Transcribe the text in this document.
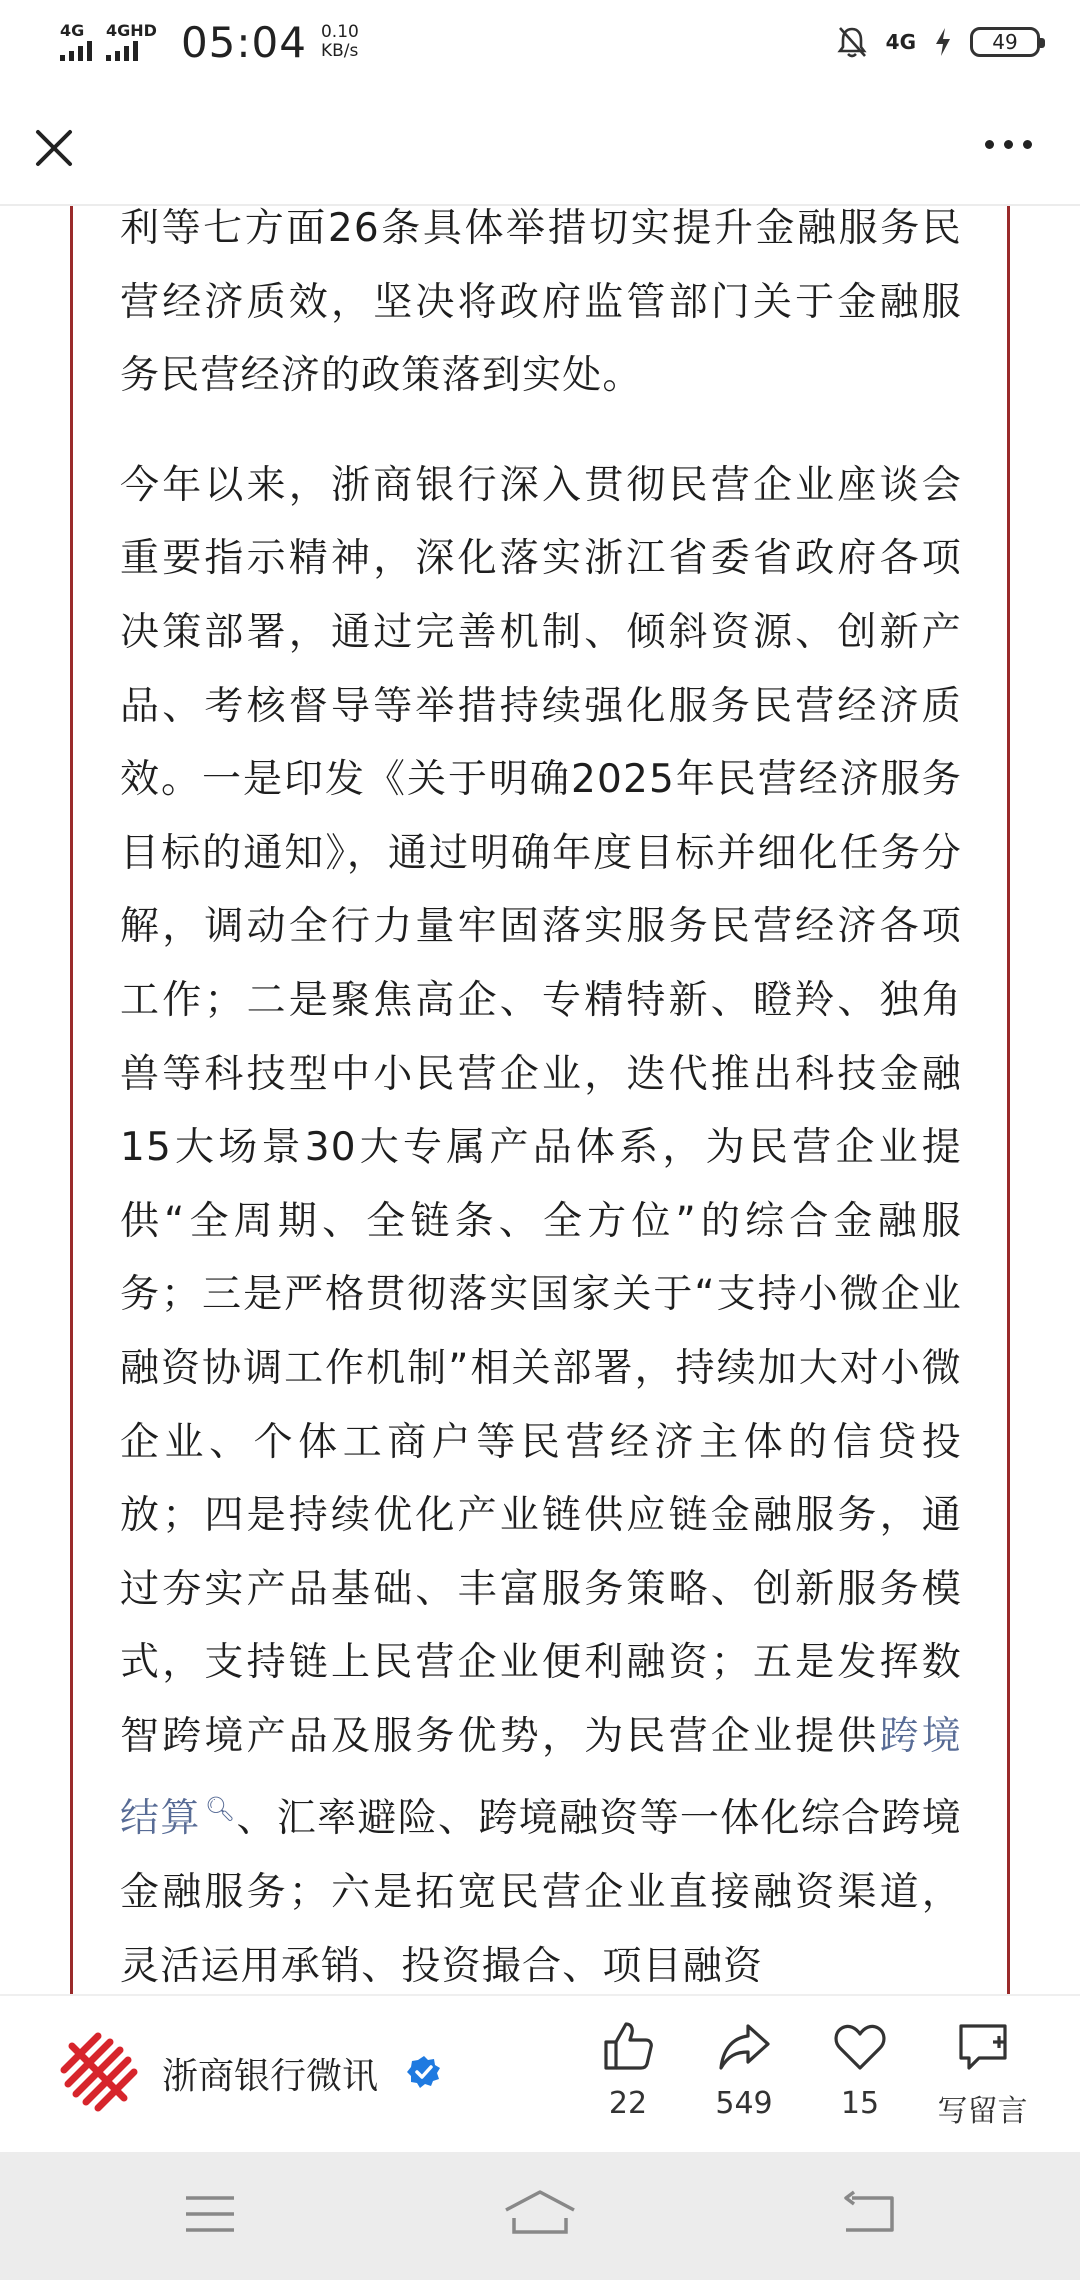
4G 4GHD 05:04 0.10
KB/s	4G	49

利等七方面26条具体举措切实提升金融服务民营经济质效，坚决将政府监管部门关于金融服务民营经济的政策落到实处。

今年以来，浙商银行深入贯彻民营企业座谈会重要指示精神，深化落实浙江省委省政府各项决策部署，通过完善机制、倾斜资源、创新产品、考核督导等举措持续强化服务民营经济质效。一是印发《关于明确2025年民营经济服务目标的通知》，通过明确年度目标并细化任务分解，调动全行力量牢固落实服务民营经济各项工作；二是聚焦高企、专精特新、瞪羚、独角兽等科技型中小民营企业，迭代推出科技金融15大场景30大专属产品体系，为民营企业提供“全周期、全链条、全方位”的综合金融服务；三是严格贯彻落实国家关于“支持小微企业融资协调工作机制”相关部署，持续加大对小微企业、个体工商户等民营经济主体的信贷投放；四是持续优化产业链供应链金融服务，通过夯实产品基础、丰富服务策略、创新服务模式，支持链上民营企业便利融资；五是发挥数智跨境产品及服务优势，为民营企业提供跨境结算 🔍︎、汇率避险、跨境融资等一体化综合跨境金融服务；六是拓宽民营企业直接融资渠道，灵活运用承销、投资撮合、项目融资

浙商银行微讯
22	549	15	写留言
